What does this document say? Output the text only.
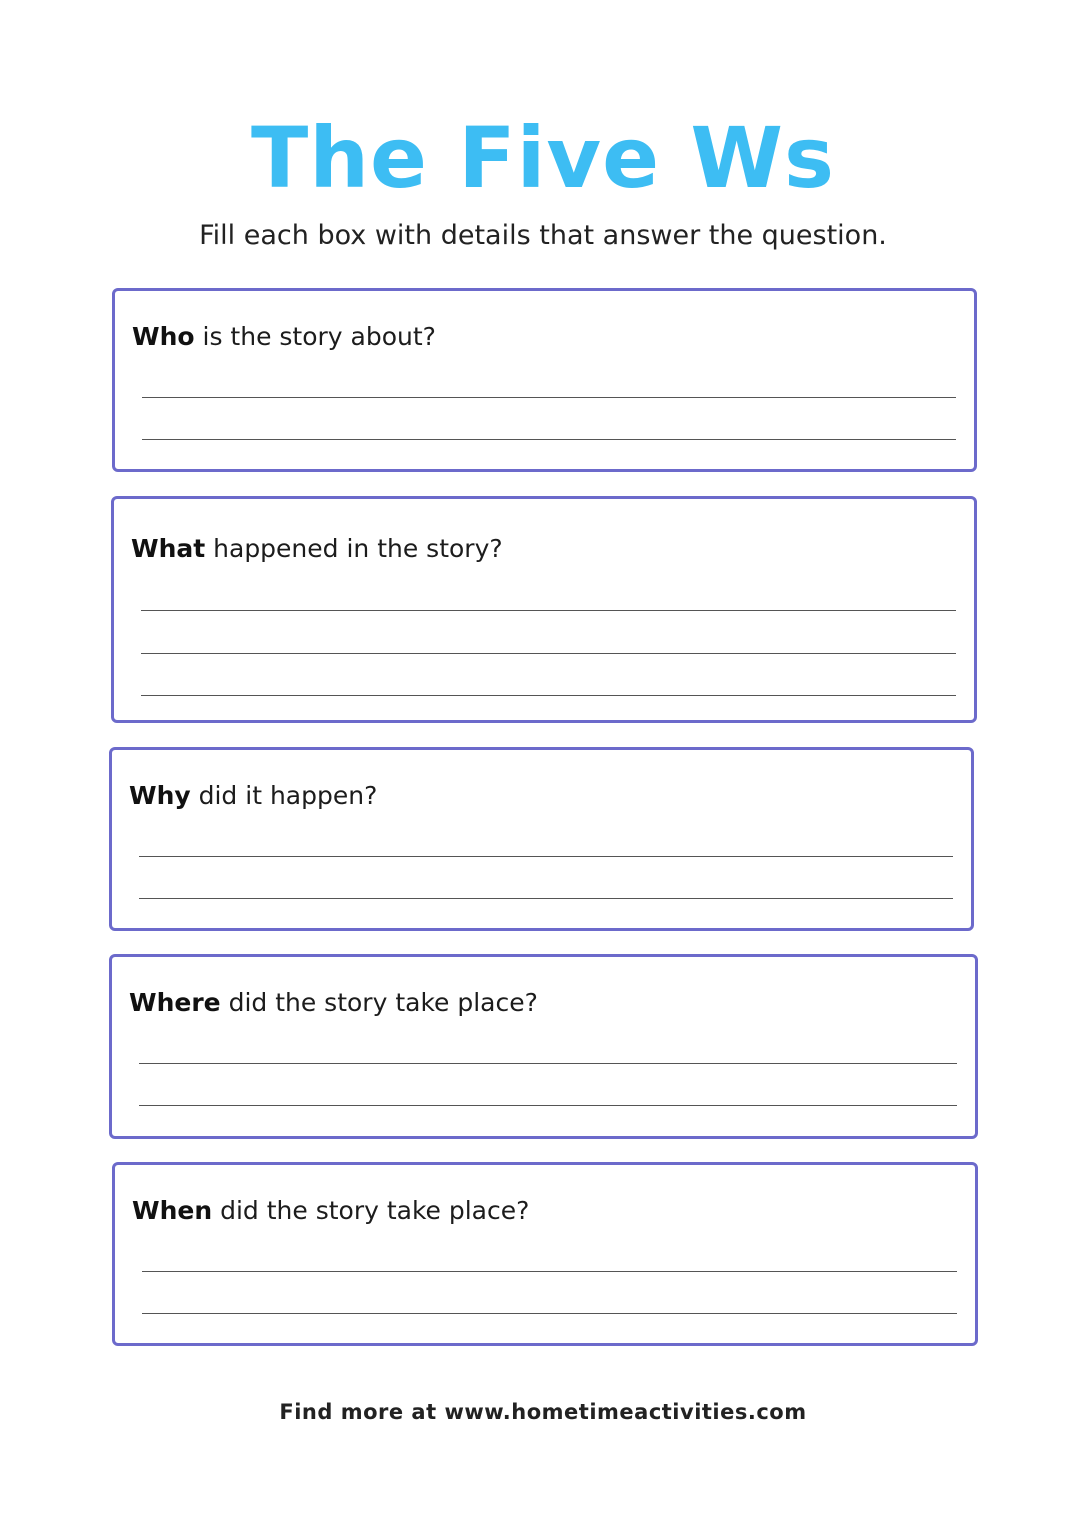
The Five Ws
Fill each box with details that answer the question.
Who is the story about?
What happened in the story?
Why did it happen?
Where did the story take place?
When did the story take place?
Find more at www.hometimeactivities.com
